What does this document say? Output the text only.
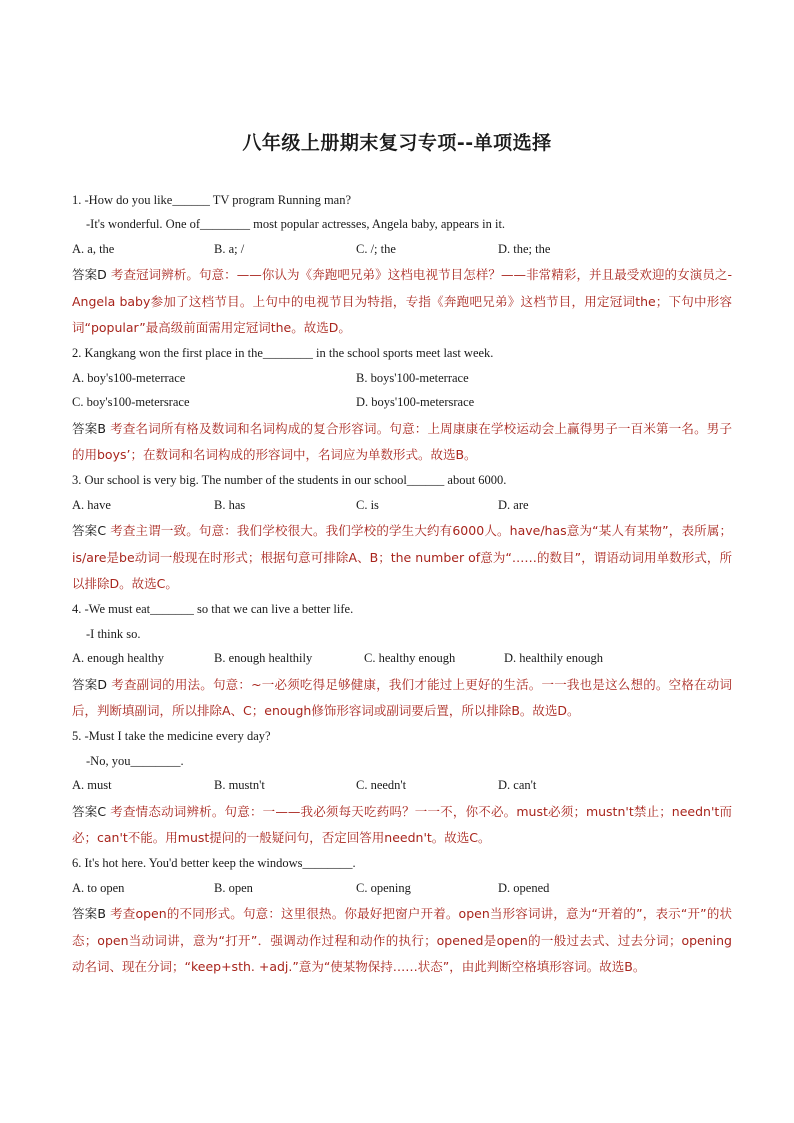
八年级上册期末复习专项--单项选择
1. -How do you like______ TV program Running man?
-It's wonderful. One of________ most popular actresses, Angela baby, appears in it.
A. a, the	B. a; /	C. /; the	D. the; the

答案D 考查冠词辨析。句意：——你认为《奔跑吧兄弟》这档电视节目怎样？——非常精彩，并且最受欢迎的女演员之- Angela baby参加了这档节目。上句中的电视节目为特指，专指《奔跑吧兄弟》这档节目，用定冠词the；下句中形容词“popular”最高级前面需用定冠词the。故选D。

2. Kangkang won the first place in the________ in the school sports meet last week.
A. boy's100-meterrace	B. boys'100-meterrace
C. boy's100-metersrace	D. boys'100-metersrace

答案B 考查名词所有格及数词和名词构成的复合形容词。句意：上周康康在学校运动会上赢得男子一百米第一名。男子的用boys’；在数词和名词构成的形容词中，名词应为单数形式。故选B。

3. Our school is very big. The number of the students in our school______ about 6000.
A. have	B. has	C. is	D. are

答案C 考查主谓一致。句意：我们学校很大。我们学校的学生大约有6000人。have/has意为“某人有某物”，表所属；is/are是be动词一般现在时形式；根据句意可排除A、B；the number of意为“……的数目”，谓语动词用单数形式，所以排除D。故选C。

4. -We must eat_______ so that we can live a better life.
-I think so.
A. enough healthy	B. enough healthily	C. healthy enough	D. healthily enough

答案D 考查副词的用法。句意：~一必须吃得足够健康，我们才能过上更好的生活。一一我也是这么想的。空格在动词后，判断填副词，所以排除A、C；enough修饰形容词或副词要后置，所以排除B。故选D。

5. -Must I take the medicine every day?
-No, you________.
A. must	B. mustn't	C. needn't	D. can't

答案C 考查情态动词辨析。句意：一——我必须每天吃药吗？一一不，你不必。must必须；mustn't禁止；needn't而必；can't不能。用must提问的一般疑问句，否定回答用needn't。故选C。

6. It's hot here. You'd better keep the windows________.
A. to open	B. open	C. opening	D. opened

答案B 考查open的不同形式。句意：这里很热。你最好把窗户开着。open当形容词讲，意为“开着的”，表示“开”的状态；open当动词讲，意为“打开”．强调动作过程和动作的执行；opened是open的一般过去式、过去分词；opening动名词、现在分词；“keep+sth. +adj.”意为“使某物保持……状态”，由此判断空格填形容词。故选B。
